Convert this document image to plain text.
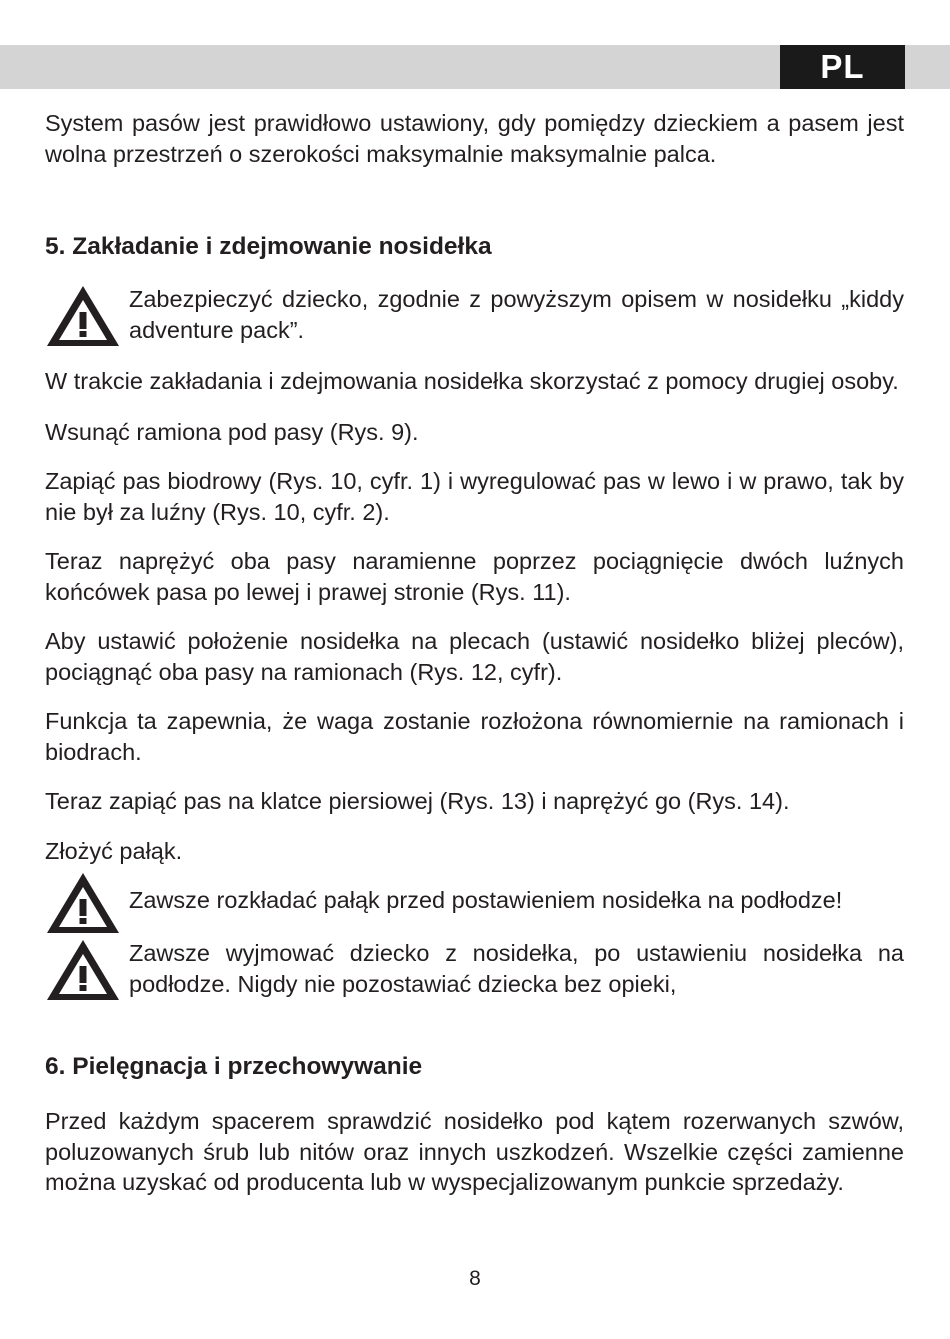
PL

System pasów jest prawidłowo ustawiony, gdy pomiędzy dzieckiem a pasem jest wolna przestrzeń o szerokości maksymalnie maksymalnie palca.

5. Zakładanie i zdejmowanie nosidełka

Zabezpieczyć dziecko, zgodnie z powyższym opisem w nosidełku „kiddy adventure pack”.

W trakcie zakładania i zdejmowania nosidełka skorzystać z pomocy drugiej osoby.

Wsunąć ramiona pod pasy (Rys. 9).

Zapiąć pas biodrowy (Rys. 10, cyfr. 1) i wyregulować pas w lewo i w prawo, tak by nie był za luźny (Rys. 10, cyfr. 2).

Teraz naprężyć oba pasy naramienne poprzez pociągnięcie dwóch luźnych końcówek pasa po lewej i prawej stronie (Rys. 11).

Aby ustawić położenie nosidełka na plecach (ustawić nosidełko bliżej pleców), pociągnąć oba pasy na ramionach (Rys. 12, cyfr).

Funkcja ta zapewnia, że waga zostanie rozłożona równomiernie na ramionach i biodrach.

Teraz zapiąć pas na klatce piersiowej (Rys. 13) i naprężyć go (Rys. 14).

Złożyć pałąk.

Zawsze rozkładać pałąk przed postawieniem nosidełka na podłodze!

Zawsze wyjmować dziecko z nosidełka, po ustawieniu nosidełka na podłodze. Nigdy nie pozostawiać dziecka bez opieki,

6. Pielęgnacja i przechowywanie

Przed każdym spacerem sprawdzić nosidełko pod kątem rozerwanych szwów, poluzowanych śrub lub nitów oraz innych uszkodzeń. Wszelkie części zamienne można uzyskać od producenta lub w wyspecjalizowanym punkcie sprzedaży.

8
